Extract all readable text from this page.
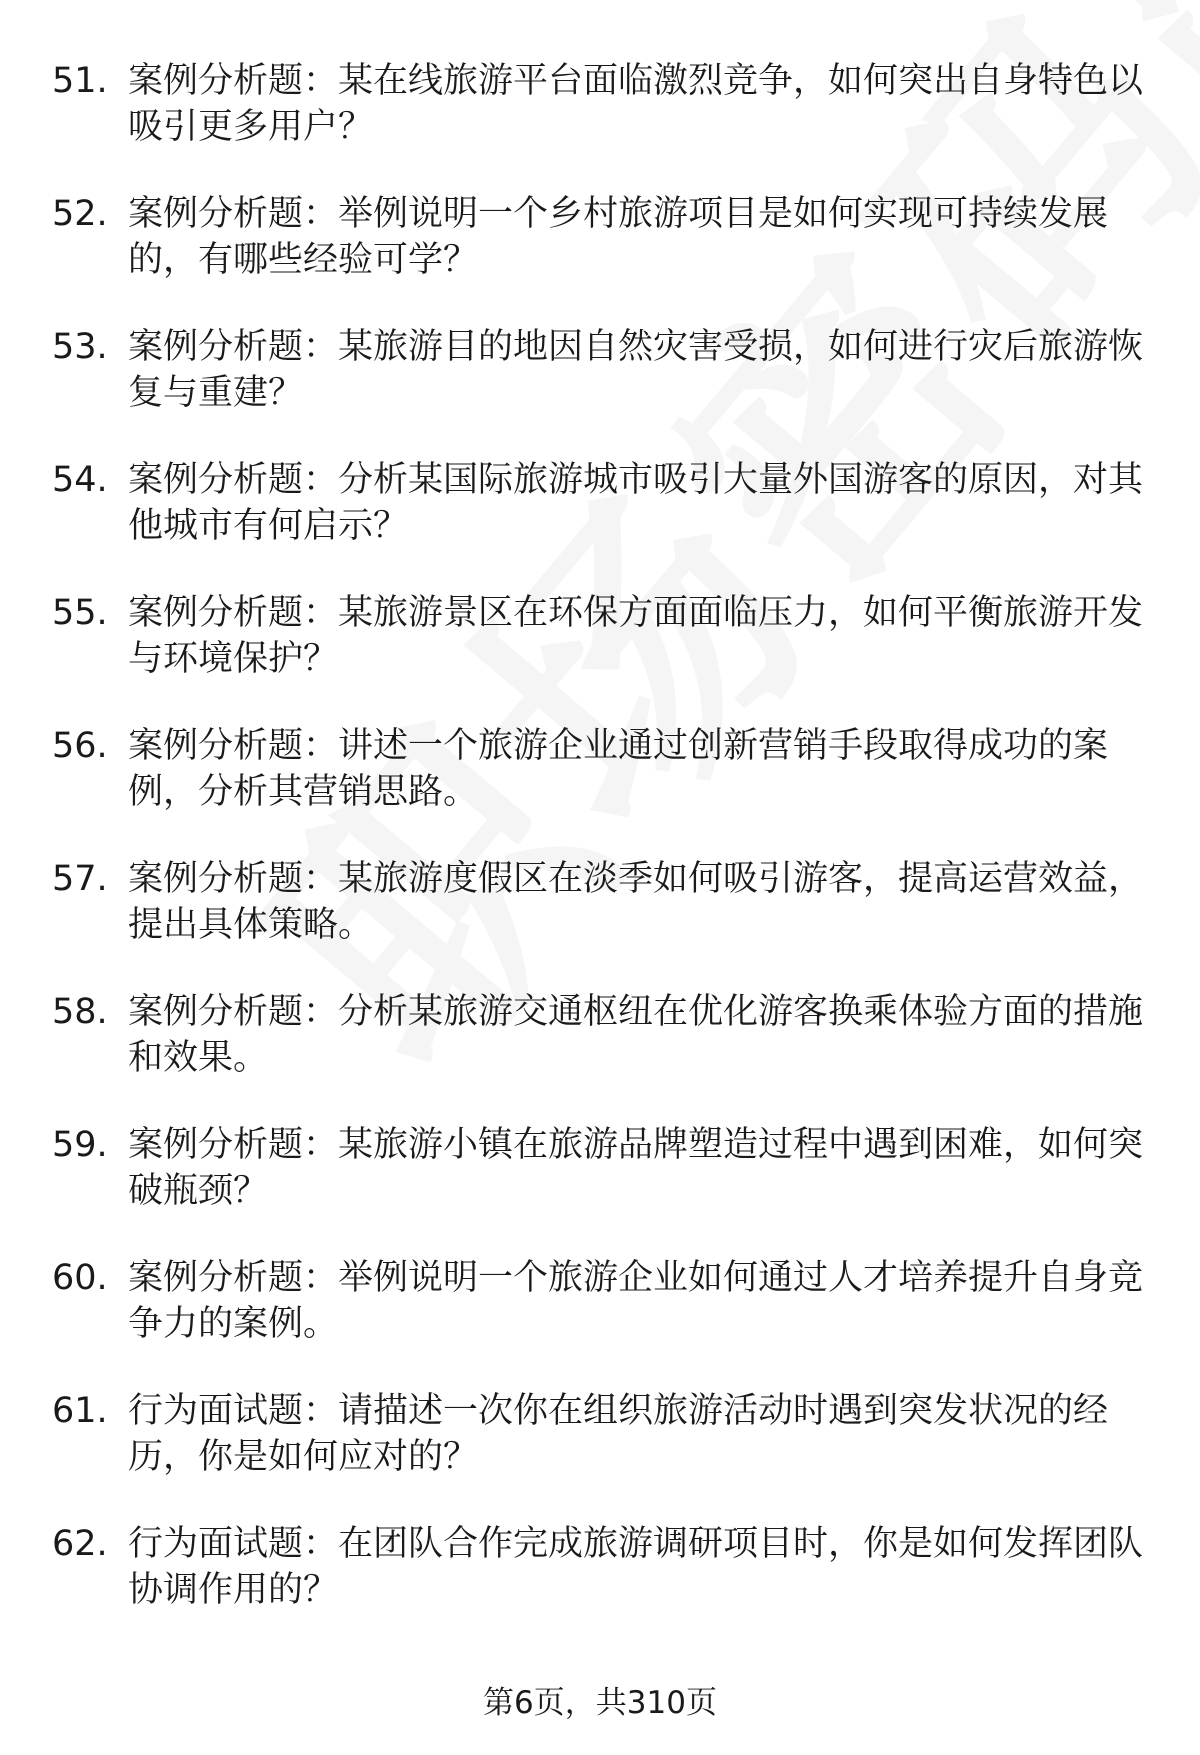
51. 案例分析题：某在线旅游平台面临激烈竞争，如何突出自身特色以吸引更多用户？
52. 案例分析题：举例说明一个乡村旅游项目是如何实现可持续发展的，有哪些经验可学？
53. 案例分析题：某旅游目的地因自然灾害受损，如何进行灾后旅游恢复与重建？
54. 案例分析题：分析某国际旅游城市吸引大量外国游客的原因，对其他城市有何启示？
55. 案例分析题：某旅游景区在环保方面面临压力，如何平衡旅游开发与环境保护？
56. 案例分析题：讲述一个旅游企业通过创新营销手段取得成功的案例，分析其营销思路。
57. 案例分析题：某旅游度假区在淡季如何吸引游客，提高运营效益，提出具体策略。
58. 案例分析题：分析某旅游交通枢纽在优化游客换乘体验方面的措施和效果。
59. 案例分析题：某旅游小镇在旅游品牌塑造过程中遇到困难，如何突破瓶颈？
60. 案例分析题：举例说明一个旅游企业如何通过人才培养提升自身竞争力的案例。
61. 行为面试题：请描述一次你在组织旅游活动时遇到突发状况的经历，你是如何应对的？
62. 行为面试题：在团队合作完成旅游调研项目时，你是如何发挥团队协调作用的？
第6页，共310页
